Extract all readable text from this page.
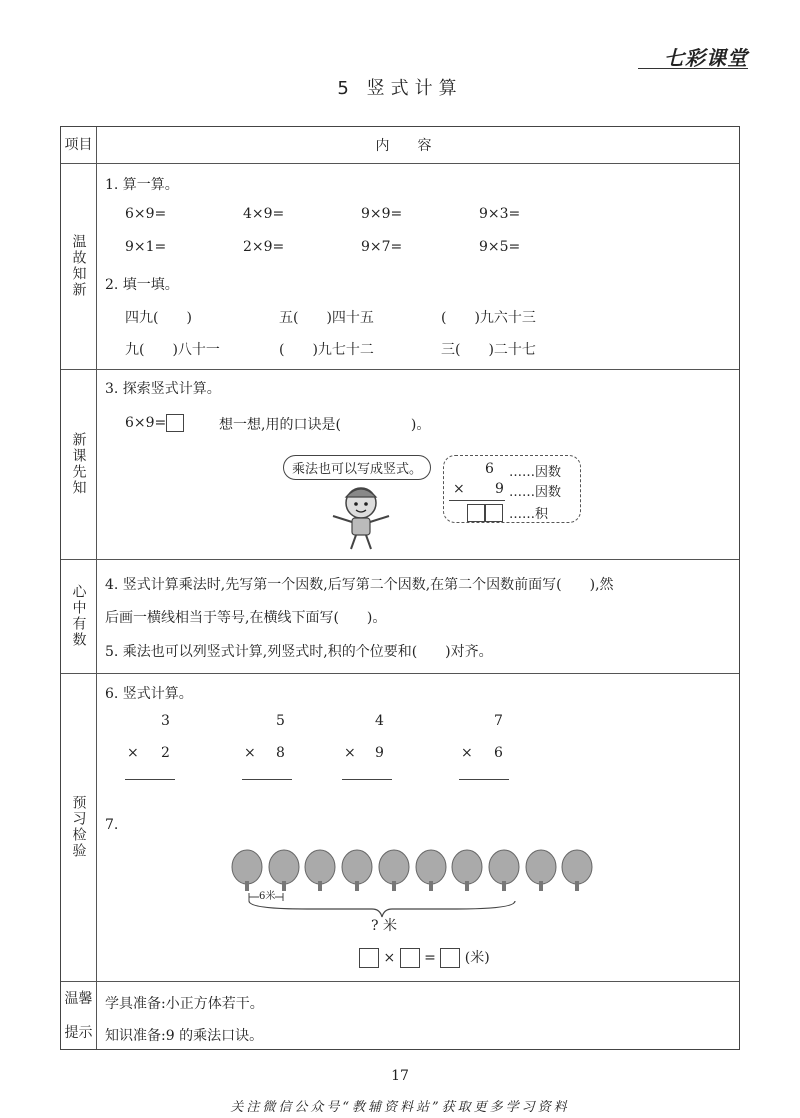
七彩课堂
5 竖式计算
项目	内容
温故知新
1. 算一算。
6×9=	4×9=	9×9=	9×3=
9×1=	2×9=	9×7=	9×5=
2. 填一填。
四九(　　)	五(　　)四十五	(　　)九六十三
九(　　)八十一	(　　)九七十二	三(　　)二十七
新课先知
3. 探索竖式计算。
6×9=	想一想,用的口诀是(　　　　　)。
乘法也可以写成竖式。	6 ……因数
× 9 ……因数
……积
心中有数 4. 竖式计算乘法时,先写第一个因数,后写第二个因数,在第二个因数前面写(　　),然
后画一横线相当于等号,在横线下面写(　　)。
5. 乘法也可以列竖式计算,列竖式时,积的个位要和(　　)对齐。
预习检验
6. 竖式计算。
3
× 2
5
× 8
4
× 9
7
× 6
7.
6米
? 米
× = (米)
温馨
提示
学具准备:小正方体若干。
知识准备:9 的乘法口诀。
17
关注微信公众号“教辅资料站”获取更多学习资料
